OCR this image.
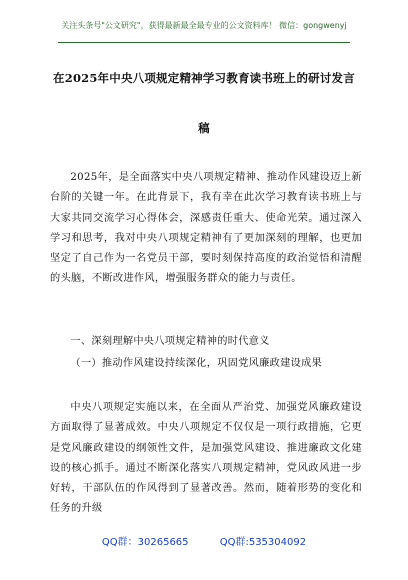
关注头条号"公文研究"，获得最新最全最专业的公文资料库！ 微信：gongwenyj
在2025年中央八项规定精神学习教育读书班上的研讨发言
稿

2025年，是全面落实中央八项规定精神、推动作风建设迈上新台阶的关键一年。在此背景下，我有幸在此次学习教育读书班上与大家共同交流学习心得体会，深感责任重大、使命光荣。通过深入学习和思考，我对中央八项规定精神有了更加深刻的理解，也更加坚定了自己作为一名党员干部，要时刻保持高度的政治觉悟和清醒的头脑，不断改进作风，增强服务群众的能力与责任。

一、深刻理解中央八项规定精神的时代意义
（一）推动作风建设持续深化，巩固党风廉政建设成果

中央八项规定实施以来，在全面从严治党、加强党风廉政建设方面取得了显著成效。中央八项规定不仅仅是一项行政措施，它更是党风廉政建设的纲领性文件，是加强党风建设、推进廉政文化建设的核心抓手。通过不断深化落实八项规定精神，党风政风进一步好转，干部队伍的作风得到了显著改善。然而，随着形势的变化和任务的升级

QQ群：30265665	QQ群:535304092
